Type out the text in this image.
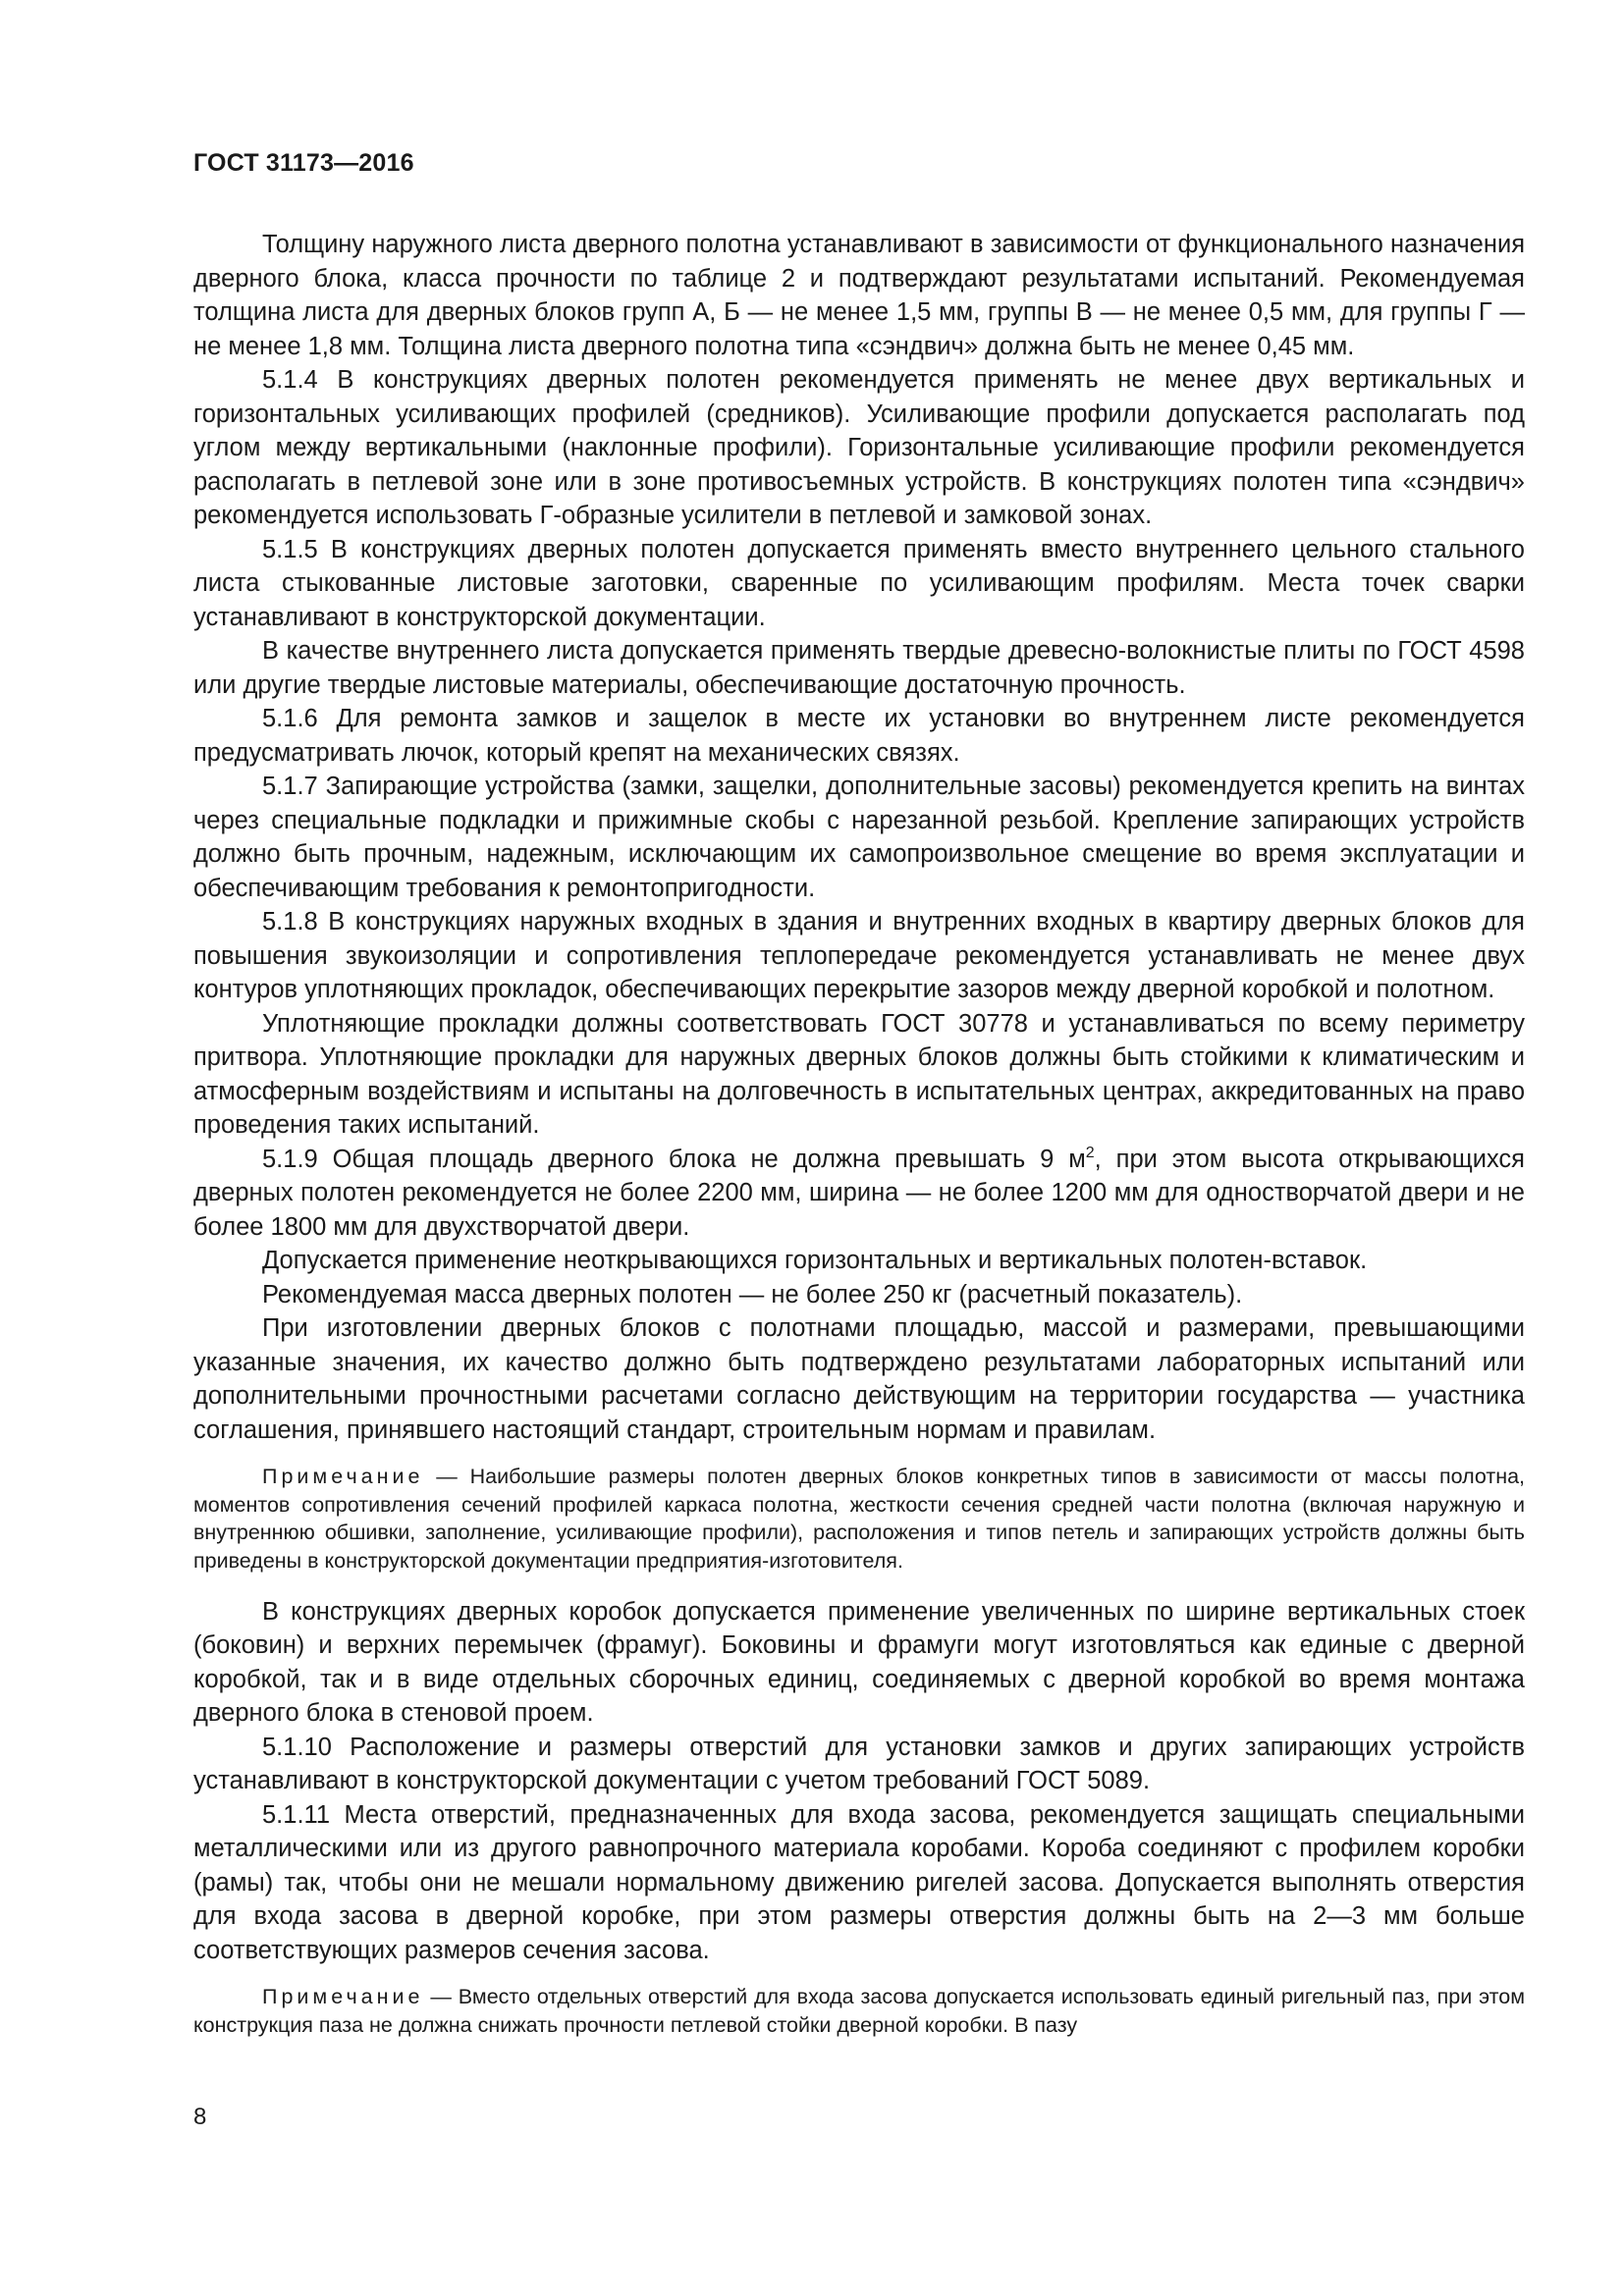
ГОСТ 31173—2016

Толщину наружного листа дверного полотна устанавливают в зависимости от функционального назначения дверного блока, класса прочности по таблице 2 и подтверждают результатами испытаний. Рекомендуемая толщина листа для дверных блоков групп А, Б — не менее 1,5 мм, группы В — не менее 0,5 мм, для группы Г — не менее 1,8 мм. Толщина листа дверного полотна типа «сэндвич» должна быть не менее 0,45 мм.

5.1.4 В конструкциях дверных полотен рекомендуется применять не менее двух вертикальных и горизонтальных усиливающих профилей (средников). Усиливающие профили допускается располагать под углом между вертикальными (наклонные профили). Горизонтальные усиливающие профили рекомендуется располагать в петлевой зоне или в зоне противосъемных устройств. В конструкциях полотен типа «сэндвич» рекомендуется использовать Г-образные усилители в петлевой и замковой зонах.

5.1.5 В конструкциях дверных полотен допускается применять вместо внутреннего цельного стального листа стыкованные листовые заготовки, сваренные по усиливающим профилям. Места точек сварки устанавливают в конструкторской документации.

В качестве внутреннего листа допускается применять твердые древесно-волокнистые плиты по ГОСТ 4598 или другие твердые листовые материалы, обеспечивающие достаточную прочность.

5.1.6 Для ремонта замков и защелок в месте их установки во внутреннем листе рекомендуется предусматривать лючок, который крепят на механических связях.

5.1.7 Запирающие устройства (замки, защелки, дополнительные засовы) рекомендуется крепить на винтах через специальные подкладки и прижимные скобы с нарезанной резьбой. Крепление запирающих устройств должно быть прочным, надежным, исключающим их самопроизвольное смещение во время эксплуатации и обеспечивающим требования к ремонтопригодности.

5.1.8 В конструкциях наружных входных в здания и внутренних входных в квартиру дверных блоков для повышения звукоизоляции и сопротивления теплопередаче рекомендуется устанавливать не менее двух контуров уплотняющих прокладок, обеспечивающих перекрытие зазоров между дверной коробкой и полотном.

Уплотняющие прокладки должны соответствовать ГОСТ 30778 и устанавливаться по всему периметру притвора. Уплотняющие прокладки для наружных дверных блоков должны быть стойкими к климатическим и атмосферным воздействиям и испытаны на долговечность в испытательных центрах, аккредитованных на право проведения таких испытаний.

5.1.9 Общая площадь дверного блока не должна превышать 9 $м^2$, при этом высота открывающихся дверных полотен рекомендуется не более 2200 мм, ширина — не более 1200 мм для одностворчатой двери и не более 1800 мм для двухстворчатой двери.

Допускается применение неоткрывающихся горизонтальных и вертикальных полотен-вставок.

Рекомендуемая масса дверных полотен — не более 250 кг (расчетный показатель).

При изготовлении дверных блоков с полотнами площадью, массой и размерами, превышающими указанные значения, их качество должно быть подтверждено результатами лабораторных испытаний или дополнительными прочностными расчетами согласно действующим на территории государства — участника соглашения, принявшего настоящий стандарт, строительным нормам и правилам.

Примечание — Наибольшие размеры полотен дверных блоков конкретных типов в зависимости от массы полотна, моментов сопротивления сечений профилей каркаса полотна, жесткости сечения средней части полотна (включая наружную и внутреннюю обшивки, заполнение, усиливающие профили), расположения и типов петель и запирающих устройств должны быть приведены в конструкторской документации предприятия-изготовителя.

В конструкциях дверных коробок допускается применение увеличенных по ширине вертикальных стоек (боковин) и верхних перемычек (фрамуг). Боковины и фрамуги могут изготовляться как единые с дверной коробкой, так и в виде отдельных сборочных единиц, соединяемых с дверной коробкой во время монтажа дверного блока в стеновой проем.

5.1.10 Расположение и размеры отверстий для установки замков и других запирающих устройств устанавливают в конструкторской документации с учетом требований ГОСТ 5089.

5.1.11 Места отверстий, предназначенных для входа засова, рекомендуется защищать специальными металлическими или из другого равнопрочного материала коробами. Короба соединяют с профилем коробки (рамы) так, чтобы они не мешали нормальному движению ригелей засова. Допускается выполнять отверстия для входа засова в дверной коробке, при этом размеры отверстия должны быть на 2—3 мм больше соответствующих размеров сечения засова.

Примечание — Вместо отдельных отверстий для входа засова допускается использовать единый ригельный паз, при этом конструкция паза не должна снижать прочности петлевой стойки дверной коробки. В пазу

8
